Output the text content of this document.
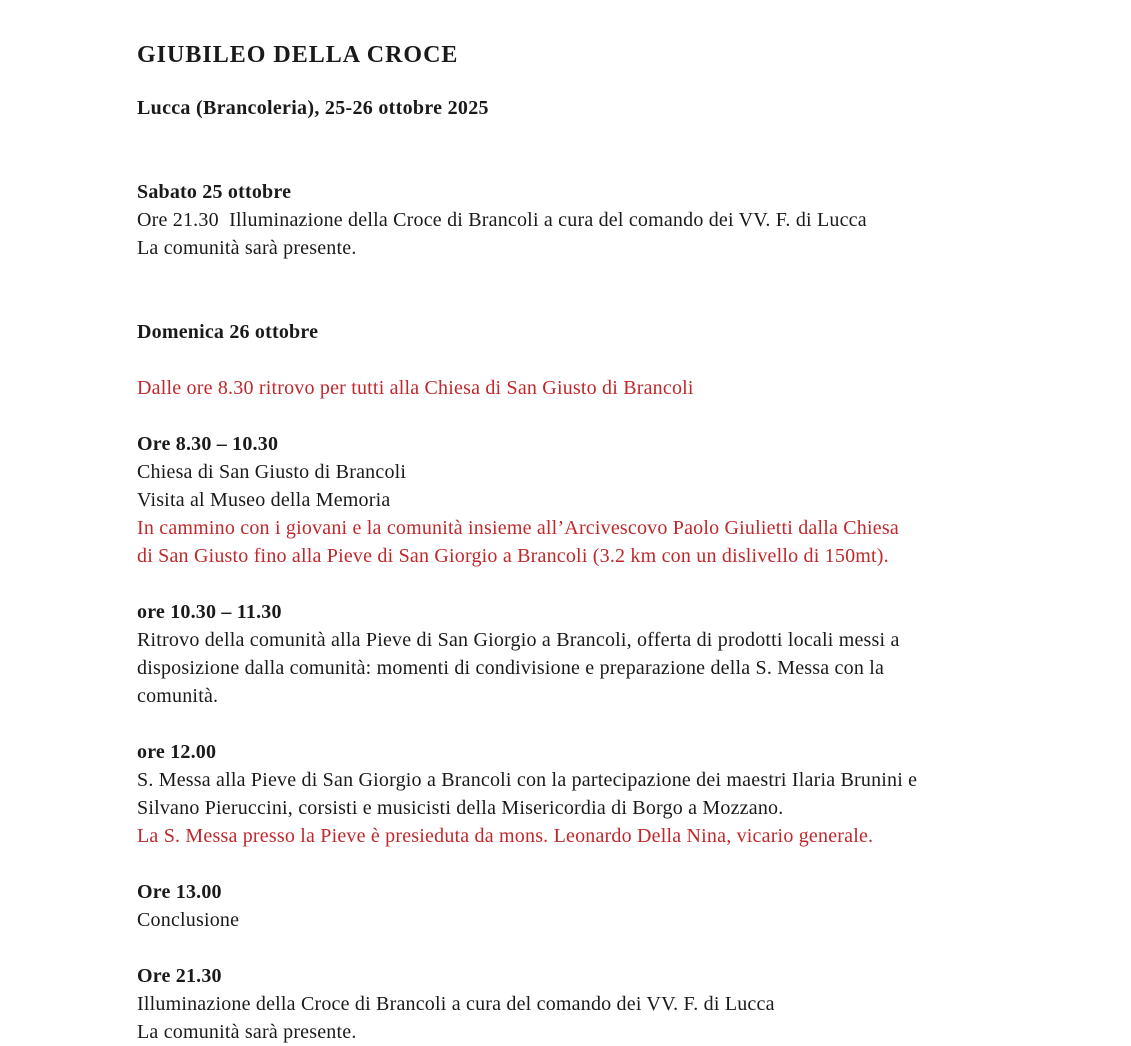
GIUBILEO DELLA CROCE

Lucca (Brancoleria), 25-26 ottobre 2025

Sabato 25 ottobre

Ore 21.30  Illuminazione della Croce di Brancoli a cura del comando dei VV. F. di Lucca

La comunità sarà presente.

Domenica 26 ottobre

Dalle ore 8.30 ritrovo per tutti alla Chiesa di San Giusto di Brancoli

Ore 8.30 – 10.30

Chiesa di San Giusto di Brancoli

Visita al Museo della Memoria

In cammino con i giovani e la comunità insieme all’Arcivescovo Paolo Giulietti dalla Chiesa

di San Giusto fino alla Pieve di San Giorgio a Brancoli (3.2 km con un dislivello di 150mt).

ore 10.30 – 11.30

Ritrovo della comunità alla Pieve di San Giorgio a Brancoli, offerta di prodotti locali messi a

disposizione dalla comunità: momenti di condivisione e preparazione della S. Messa con la

comunità.

ore 12.00

S. Messa alla Pieve di San Giorgio a Brancoli con la partecipazione dei maestri Ilaria Brunini e

Silvano Pieruccini, corsisti e musicisti della Misericordia di Borgo a Mozzano.

La S. Messa presso la Pieve è presieduta da mons. Leonardo Della Nina, vicario generale.

Ore 13.00

Conclusione

Ore 21.30

Illuminazione della Croce di Brancoli a cura del comando dei VV. F. di Lucca

La comunità sarà presente.
